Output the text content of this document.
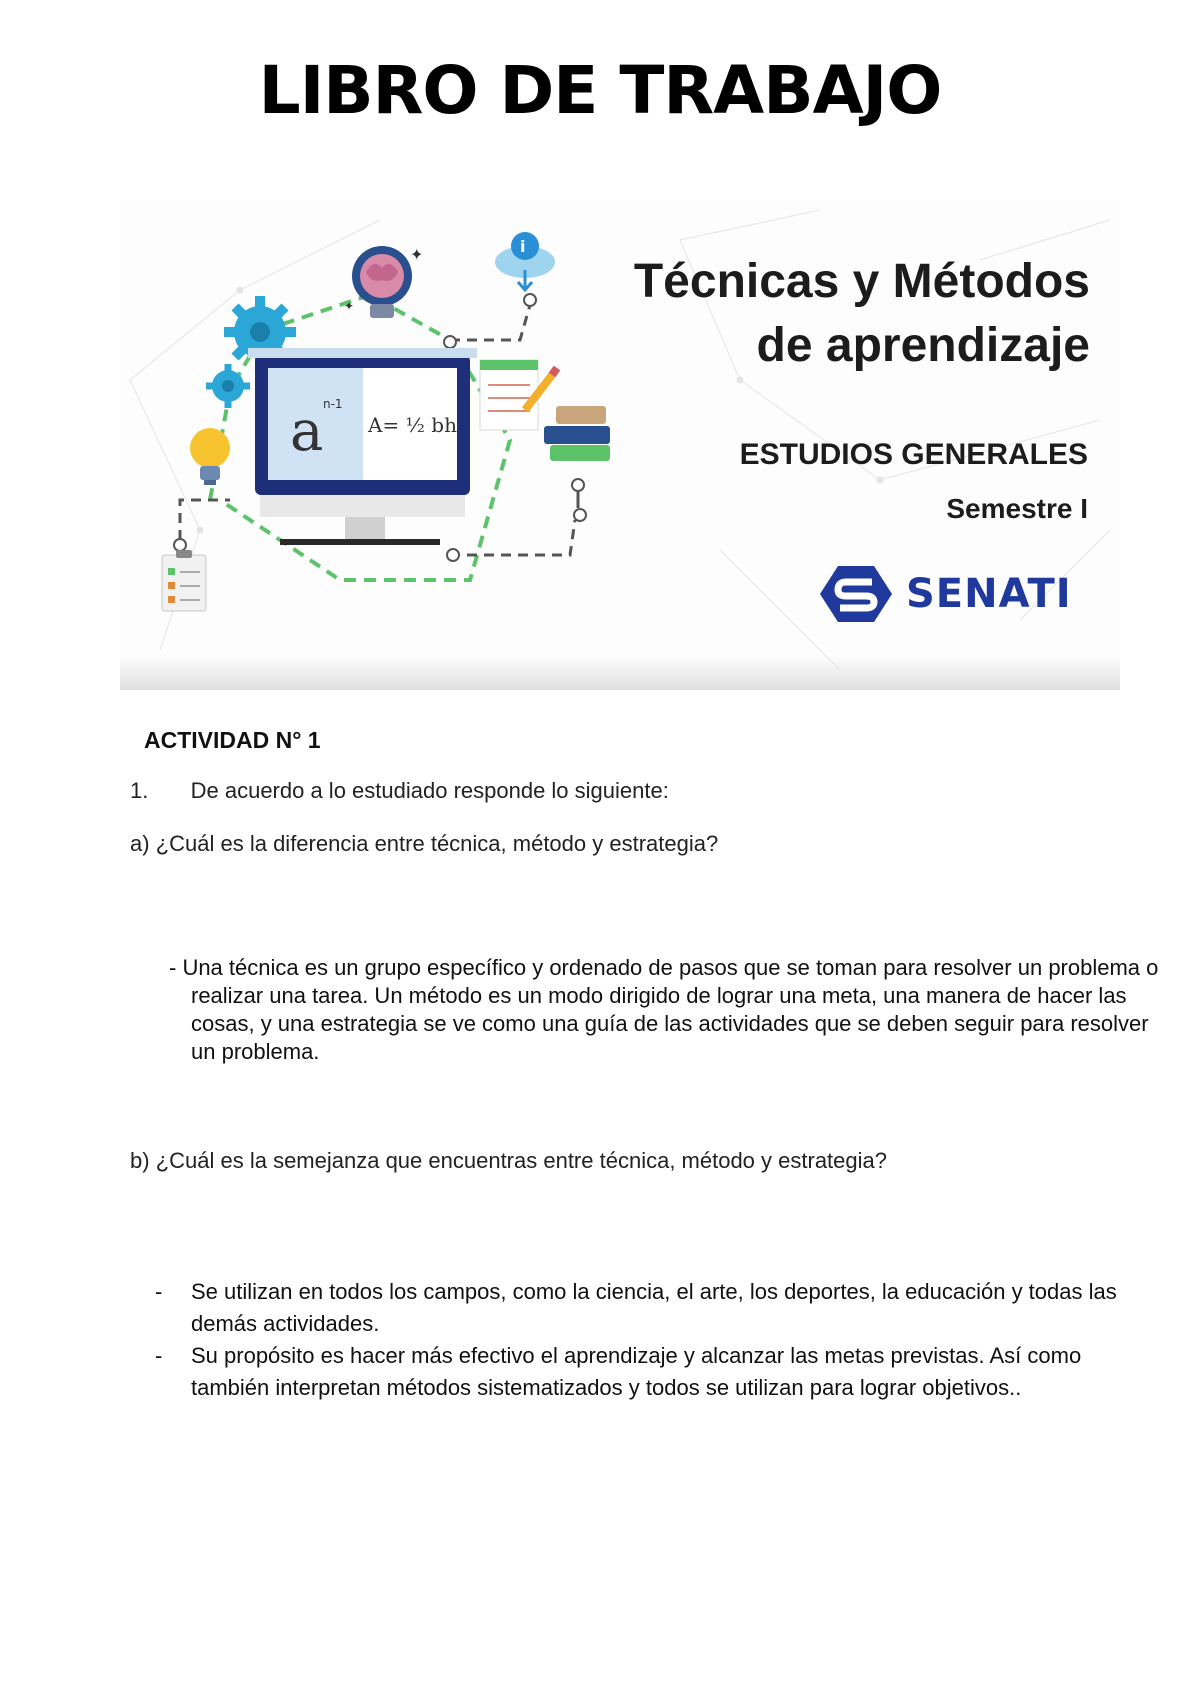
LIBRO DE TRABAJO
✦
✦
i
a n-1
A= ½ bh
Técnicas y Métodos
de aprendizaje
ESTUDIOS GENERALES
Semestre I
SENATI
ACTIVIDAD N° 1
1. De acuerdo a lo estudiado responde lo siguiente:
a) ¿Cuál es la diferencia entre técnica, método y estrategia?
- Una técnica es un grupo específico y ordenado de pasos que se toman para resolver un problema o realizar una tarea. Un método es un modo dirigido de lograr una meta, una manera de hacer las cosas, y una estrategia se ve como una guía de las actividades que se deben seguir para resolver un problema.
b) ¿Cuál es la semejanza que encuentras entre técnica, método y estrategia?
- Se utilizan en todos los campos, como la ciencia, el arte, los deportes, la educación y todas las demás actividades.
- Su propósito es hacer más efectivo el aprendizaje y alcanzar las metas previstas. Así como también interpretan métodos sistematizados y todos se utilizan para lograr objetivos..
